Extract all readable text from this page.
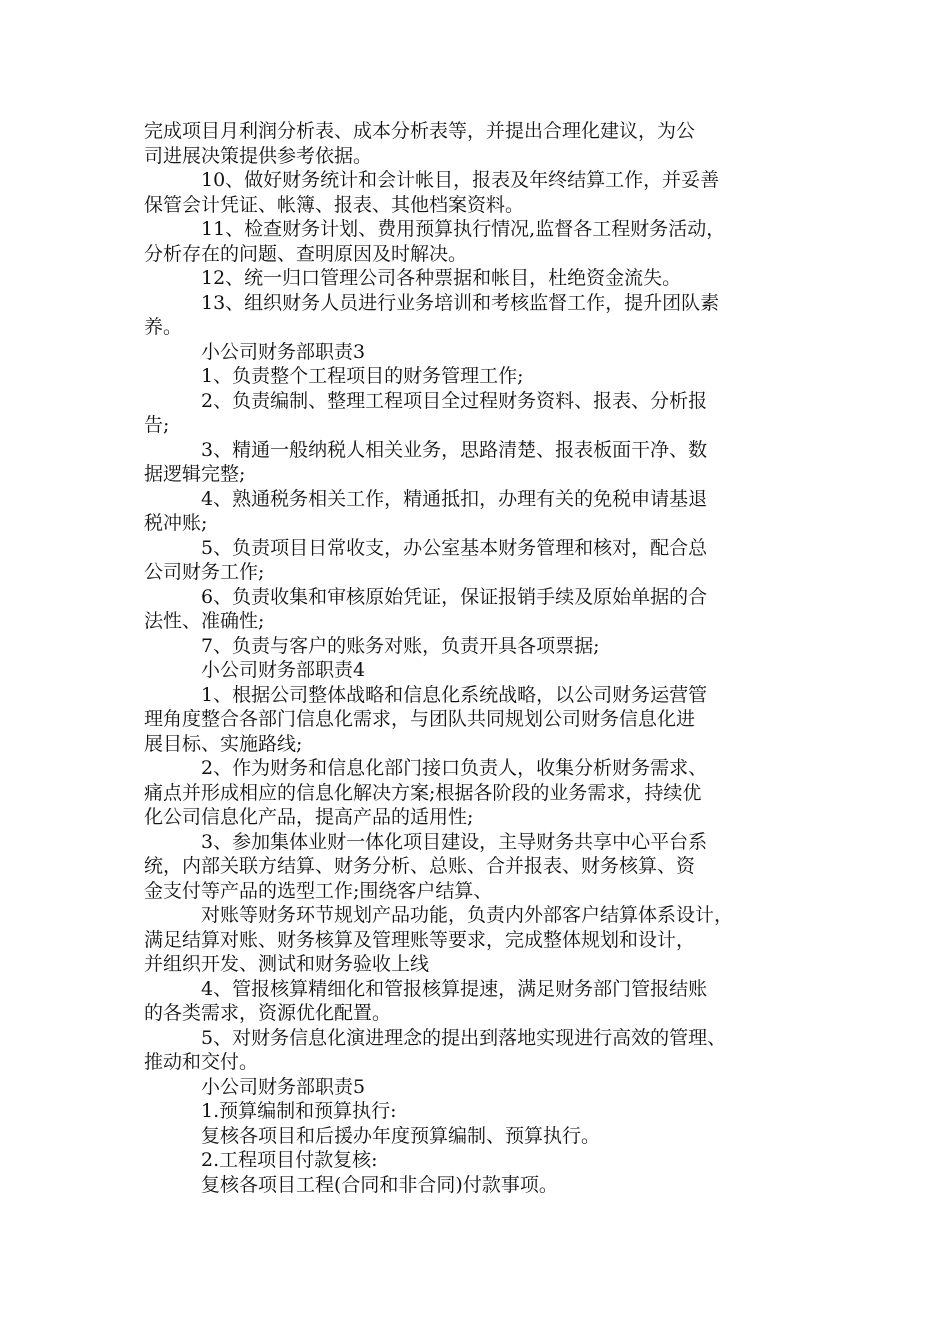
完成项目月利润分析表、成本分析表等，并提出合理化建议，为公
司进展决策提供参考依据。
10、做好财务统计和会计帐目，报表及年终结算工作，并妥善
保管会计凭证、帐簿、报表、其他档案资料。
11、检查财务计划、费用预算执行情况,监督各工程财务活动，
分析存在的问题、查明原因及时解决。
12、统一归口管理公司各种票据和帐目，杜绝资金流失。
13、组织财务人员进行业务培训和考核监督工作，提升团队素
养。
小公司财务部职责3
1、负责整个工程项目的财务管理工作;
2、负责编制、整理工程项目全过程财务资料、报表、分析报
告;
3、精通一般纳税人相关业务，思路清楚、报表板面干净、数
据逻辑完整;
4、熟通税务相关工作，精通抵扣，办理有关的免税申请基退
税冲账;
5、负责项目日常收支，办公室基本财务管理和核对，配合总
公司财务工作;
6、负责收集和审核原始凭证，保证报销手续及原始单据的合
法性、准确性;
7、负责与客户的账务对账，负责开具各项票据;
小公司财务部职责4
1、根据公司整体战略和信息化系统战略，以公司财务运营管
理角度整合各部门信息化需求，与团队共同规划公司财务信息化进
展目标、实施路线;
2、作为财务和信息化部门接口负责人，收集分析财务需求、
痛点并形成相应的信息化解决方案;根据各阶段的业务需求，持续优
化公司信息化产品，提高产品的适用性;
3、参加集体业财一体化项目建设，主导财务共享中心平台系
统，内部关联方结算、财务分析、总账、合并报表、财务核算、资
金支付等产品的选型工作;围绕客户结算、
对账等财务环节规划产品功能，负责内外部客户结算体系设计，
满足结算对账、财务核算及管理账等要求，完成整体规划和设计，
并组织开发、测试和财务验收上线
4、管报核算精细化和管报核算提速，满足财务部门管报结账
的各类需求，资源优化配置。
5、对财务信息化演进理念的提出到落地实现进行高效的管理、
推动和交付。
小公司财务部职责5
1.预算编制和预算执行:
复核各项目和后援办年度预算编制、预算执行。
2.工程项目付款复核:
复核各项目工程(合同和非合同)付款事项。
